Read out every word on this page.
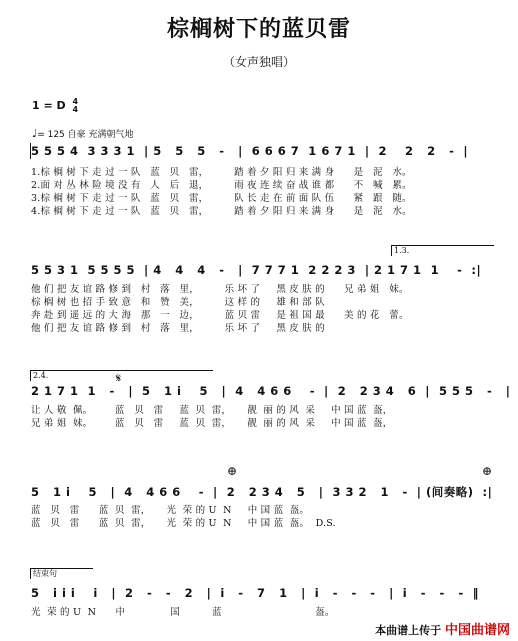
棕榈树下的蓝贝雷
（女声独唱）
1 = D 4
4
♩= 125 自豪 充满朝气地
5 5 5 4  3 3 3 1  | 5   5   5   -   |  6 6 6 7  1 6 7 1  |  2    2   2   -  |
1.棕 榈 树 下 走 过 一 队   蓝   贝   雷，        踏 着 夕 阳 归 来 满 身      是   泥   水。
2.面 对 丛 林 险 境 没 有   人   后   退，        雨 夜 连 续 奋 战 谁 都      不   喊   累。
3.棕 榈 树 下 走 过 一 队   蓝   贝   雷，        队 长 走 在 前 面 队 伍      紧   跟   随。
4.棕 榈 树 下 走 过 一 队   蓝   贝   雷，        踏 着 夕 阳 归 来 满 身      是   泥   水。
1.3.
5 5 3 1  5 5 5 5  | 4   4   4   -   |  7 7 7 1  2 2 2 3  | 2 1 7 1  1    -  :|
他 们 把 友 谊 路 修 到   村   落   里，        乐 坏 了     黑 皮 肤 的      兄 弟 姐   妹。
棕 榈 树 也 招 手 致 意   和   赞   美，        这 样 的     雄 和 部 队
奔 赴 到 遥 远 的 大 海   那   一   边，        蓝 贝 雷     是 祖 国 最      美 的 花   蕾。
他 们 把 友 谊 路 修 到   村   落   里，        乐 坏 了     黑 皮 肤 的
2.4.	𝄋
2 1 7 1  1   -   |  5   1 i    5   |  4   4 6 6    -  |  2   2 3 4   6  |  5 5 5   -   |
让 人 敬  佩。       蓝   贝   雷     蓝  贝  雷，     靓  丽 的 风  采     中 国 蓝  盔，
兄 弟 姐  妹。       蓝   贝   雷     蓝  贝  雷，     靓  丽 的 风  采     中 国 蓝  盔，
⊕	⊕
5   1 i    5   |  4   4 6 6    -  |  2   2 3 4   5   |  3 3 2   1   -  | (间奏略)  :|
蓝   贝   雷      蓝  贝  雷，     光  荣 的 U  N     中 国 蓝  盔。
蓝   贝   雷      蓝  贝  雷，     光  荣 的 U  N     中 国 蓝  盔。  D.S.
结束句
5   i i i    i   |  2   -   -   2   |  i   -   7   1   |  i   -   -   -   |  i   -   -   -  ‖
光  荣 的 U  N      中              国          蓝                             盔。
本曲谱上传于 中国曲谱网
